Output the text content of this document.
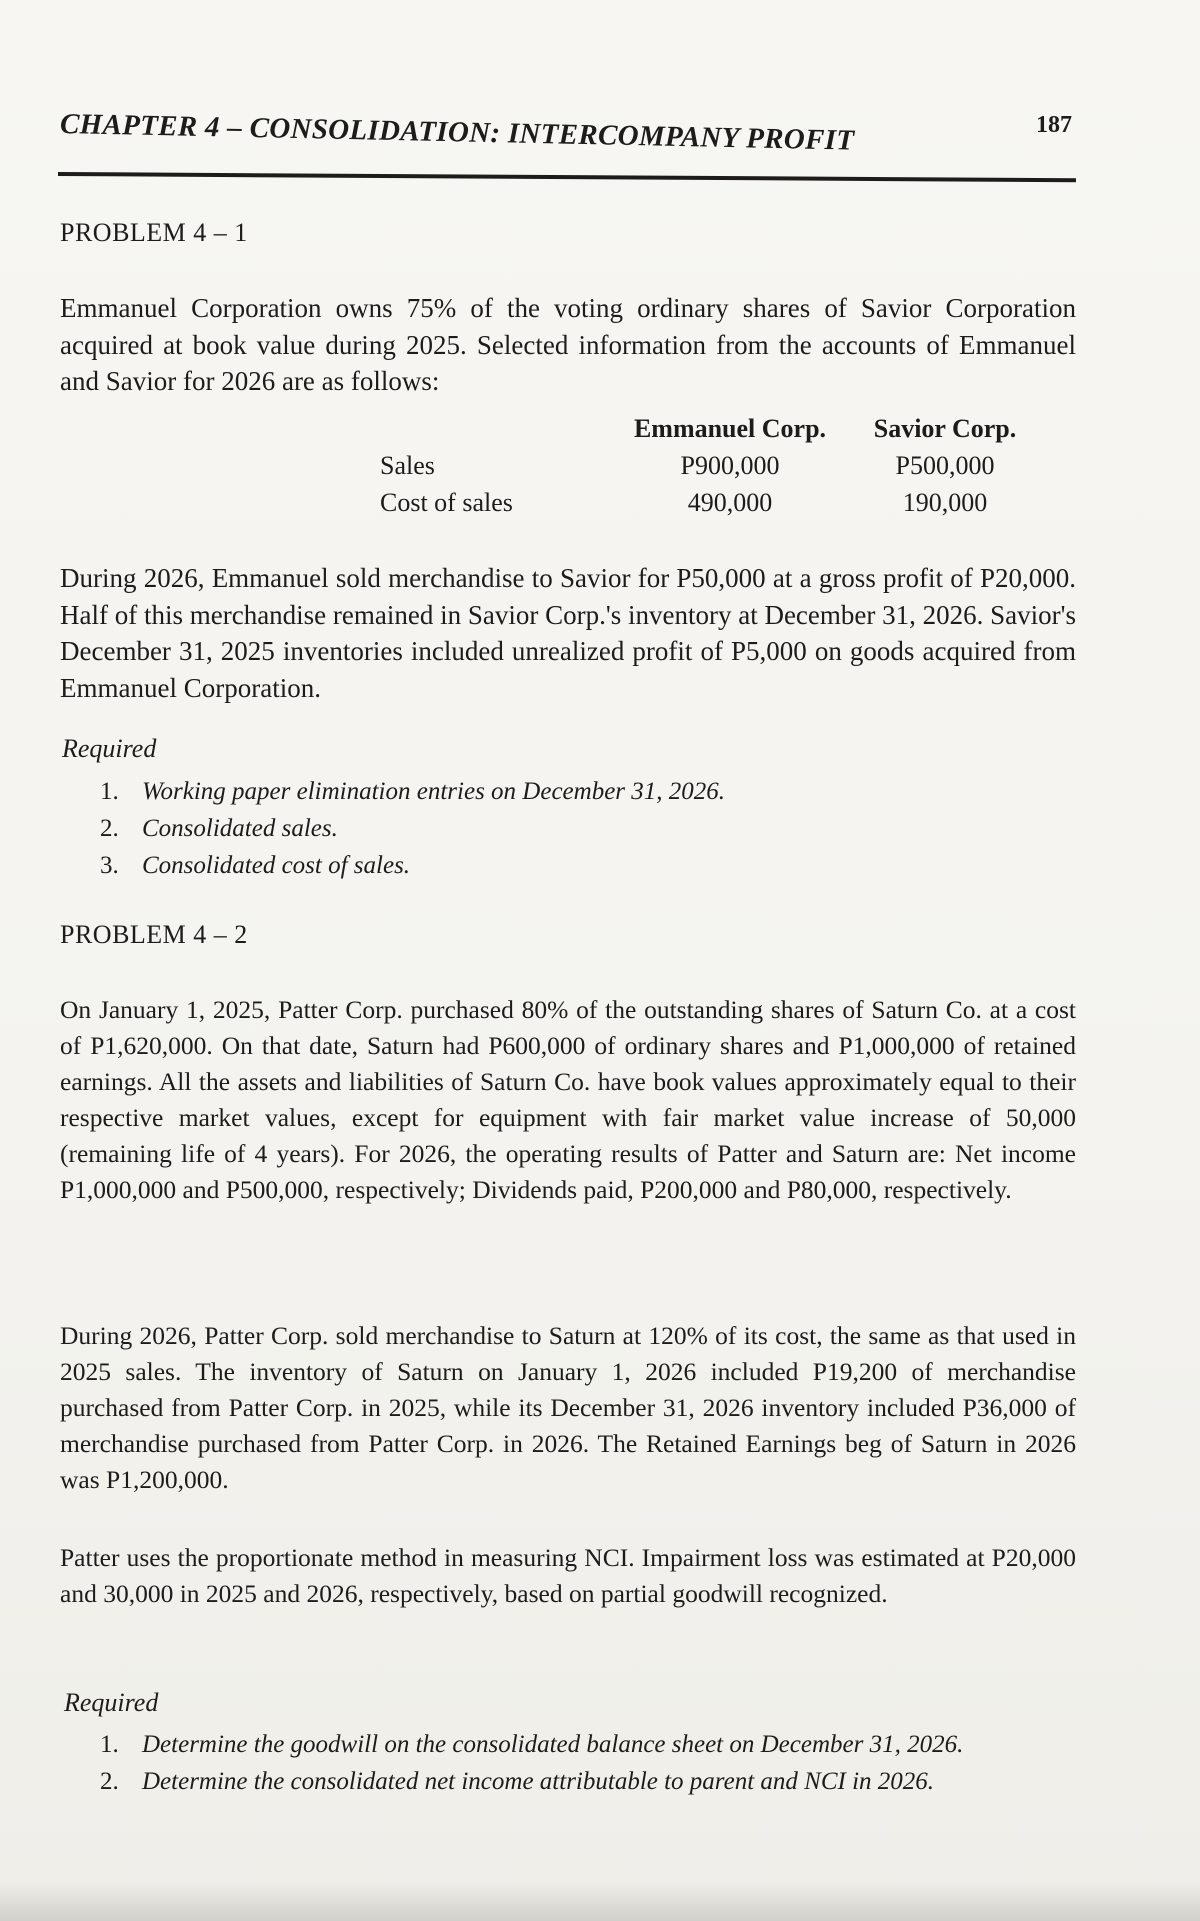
CHAPTER 4 – CONSOLIDATION: INTERCOMPANY PROFIT	187
PROBLEM 4 – 1
Emmanuel Corporation owns 75% of the voting ordinary shares of Savior Corporation acquired at book value during 2025. Selected information from the accounts of Emmanuel and Savior for 2026 are as follows:
Emmanuel Corp.	Savior Corp.
Sales	P900,000	P500,000
Cost of sales	490,000	190,000
During 2026, Emmanuel sold merchandise to Savior for P50,000 at a gross profit of P20,000. Half of this merchandise remained in Savior Corp.'s inventory at December 31, 2026. Savior's December 31, 2025 inventories included unrealized profit of P5,000 on goods acquired from Emmanuel Corporation.
Required
1. Working paper elimination entries on December 31, 2026.
2. Consolidated sales.
3. Consolidated cost of sales.
PROBLEM 4 – 2
On January 1, 2025, Patter Corp. purchased 80% of the outstanding shares of Saturn Co. at a cost of P1,620,000. On that date, Saturn had P600,000 of ordinary shares and P1,000,000 of retained earnings. All the assets and liabilities of Saturn Co. have book values approximately equal to their respective market values, except for equipment with fair market value increase of 50,000 (remaining life of 4 years). For 2026, the operating results of Patter and Saturn are: Net income P1,000,000 and P500,000, respectively; Dividends paid, P200,000 and P80,000, respectively.
During 2026, Patter Corp. sold merchandise to Saturn at 120% of its cost, the same as that used in 2025 sales. The inventory of Saturn on January 1, 2026 included P19,200 of merchandise purchased from Patter Corp. in 2025, while its December 31, 2026 inventory included P36,000 of merchandise purchased from Patter Corp. in 2026. The Retained Earnings beg of Saturn in 2026 was P1,200,000.
Patter uses the proportionate method in measuring NCI. Impairment loss was estimated at P20,000 and 30,000 in 2025 and 2026, respectively, based on partial goodwill recognized.
Required
1. Determine the goodwill on the consolidated balance sheet on December 31, 2026.
2. Determine the consolidated net income attributable to parent and NCI in 2026.
